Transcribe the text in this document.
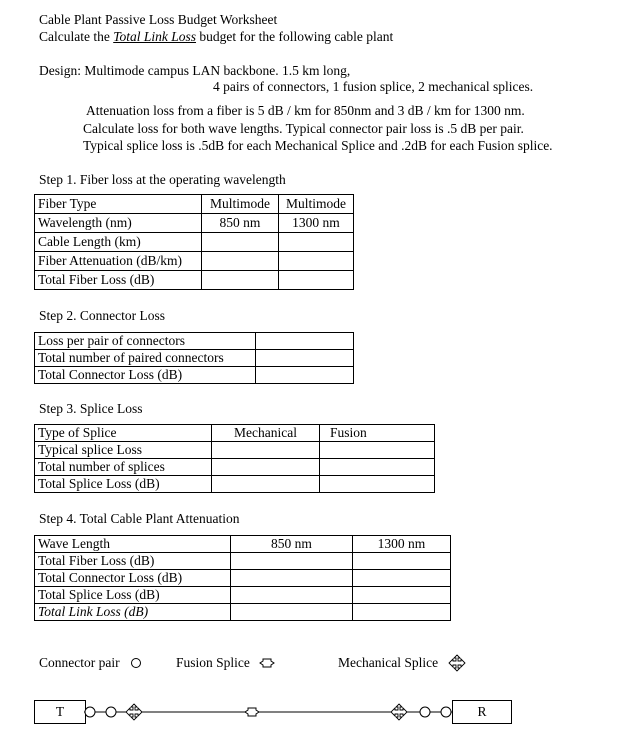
Cable Plant Passive Loss Budget Worksheet
Calculate the Total Link Loss budget for the following cable plant
Design: Multimode campus LAN backbone. 1.5 km long,
4 pairs of connectors, 1 fusion splice, 2 mechanical splices.
Attenuation loss from a fiber is 5 dB / km for 850nm and 3 dB / km for 1300 nm.
Calculate loss for both wave lengths. Typical connector pair loss is .5 dB per pair.
Typical splice loss is .5dB for each Mechanical Splice and .2dB for each Fusion splice.
Step 1. Fiber loss at the operating wavelength
Fiber Type	Multimode	Multimode
Wavelength (nm)	850 nm	1300 nm
Cable Length (km)		
Fiber Attenuation (dB/km)		
Total Fiber Loss (dB)		
Step 2. Connector Loss
Loss per pair of connectors	
Total number of paired connectors	
Total Connector Loss (dB)	
Step 3. Splice Loss
Type of Splice	Mechanical	Fusion
Typical splice Loss		
Total number of splices		
Total Splice Loss (dB)		
Step 4. Total Cable Plant Attenuation
Wave Length	850 nm	1300 nm
Total Fiber Loss (dB)		
Total Connector Loss (dB)		
Total Splice Loss (dB)		
Total Link Loss (dB)		
Connector pair	Fusion Splice	Mechanical Splice
T	R
